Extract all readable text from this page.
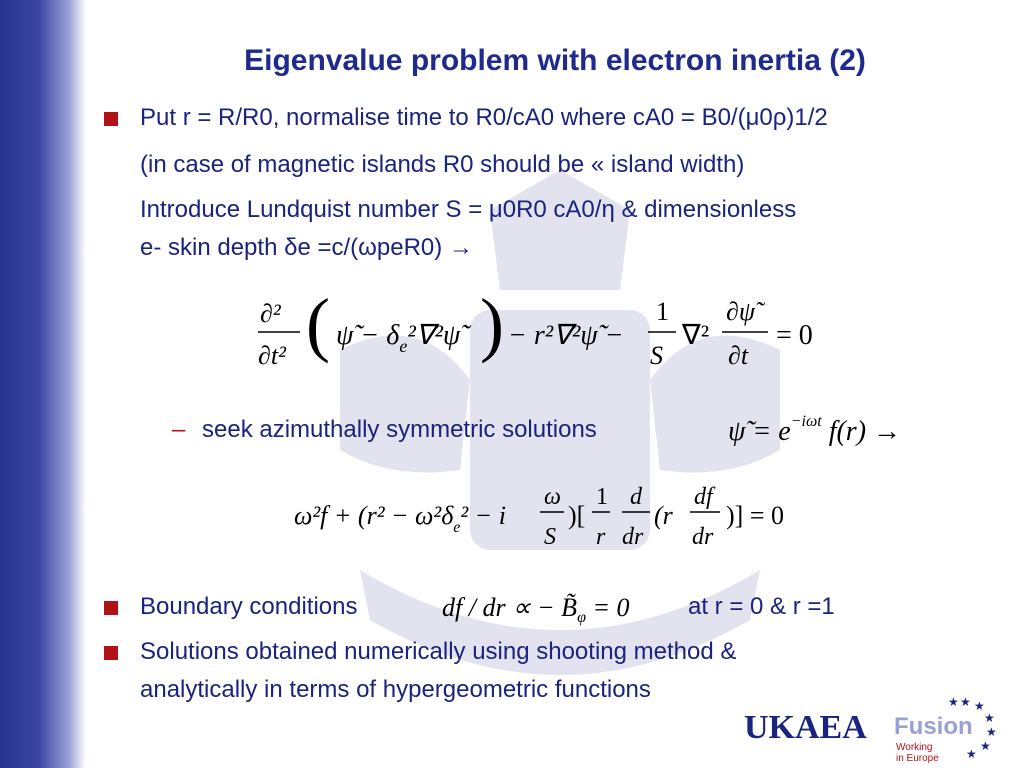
Eigenvalue problem with electron inertia (2)
Put r = R/R0, normalise time to R0/cA0 where cA0 = B0/(μ0ρ)1/2
(in case of magnetic islands R0 should be « island width)
Introduce Lundquist number S = μ0R0 cA0/η & dimensionless
e- skin depth δe =c/(ωpeR0) →
∂²
∂t² ( ψ̃ − $\delta_e^2\nabla^2\psĩ$ ) − r²∇²ψ̃ −
1
S
∇²
∂ψ̃
∂t
= 0
– seek azimuthally symmetric solutions	ψ̃ = $e^{-i\omega t}$ f(r) →
$\omega^2f + (r^2 - \omega^2\delta_e^2 - i$
ω
S
)[
1
r
d
dr
(r
df
dr
)] = 0
Boundary conditions	df / dr ∝ − $B̃_\varphi = 0$ at r = 0 & r =1
Solutions obtained numerically using shooting method &
analytically in terms of hypergeometric functions
UKAEA Fusion
Working
in Europe
★ ★
★
★
★
★
★
